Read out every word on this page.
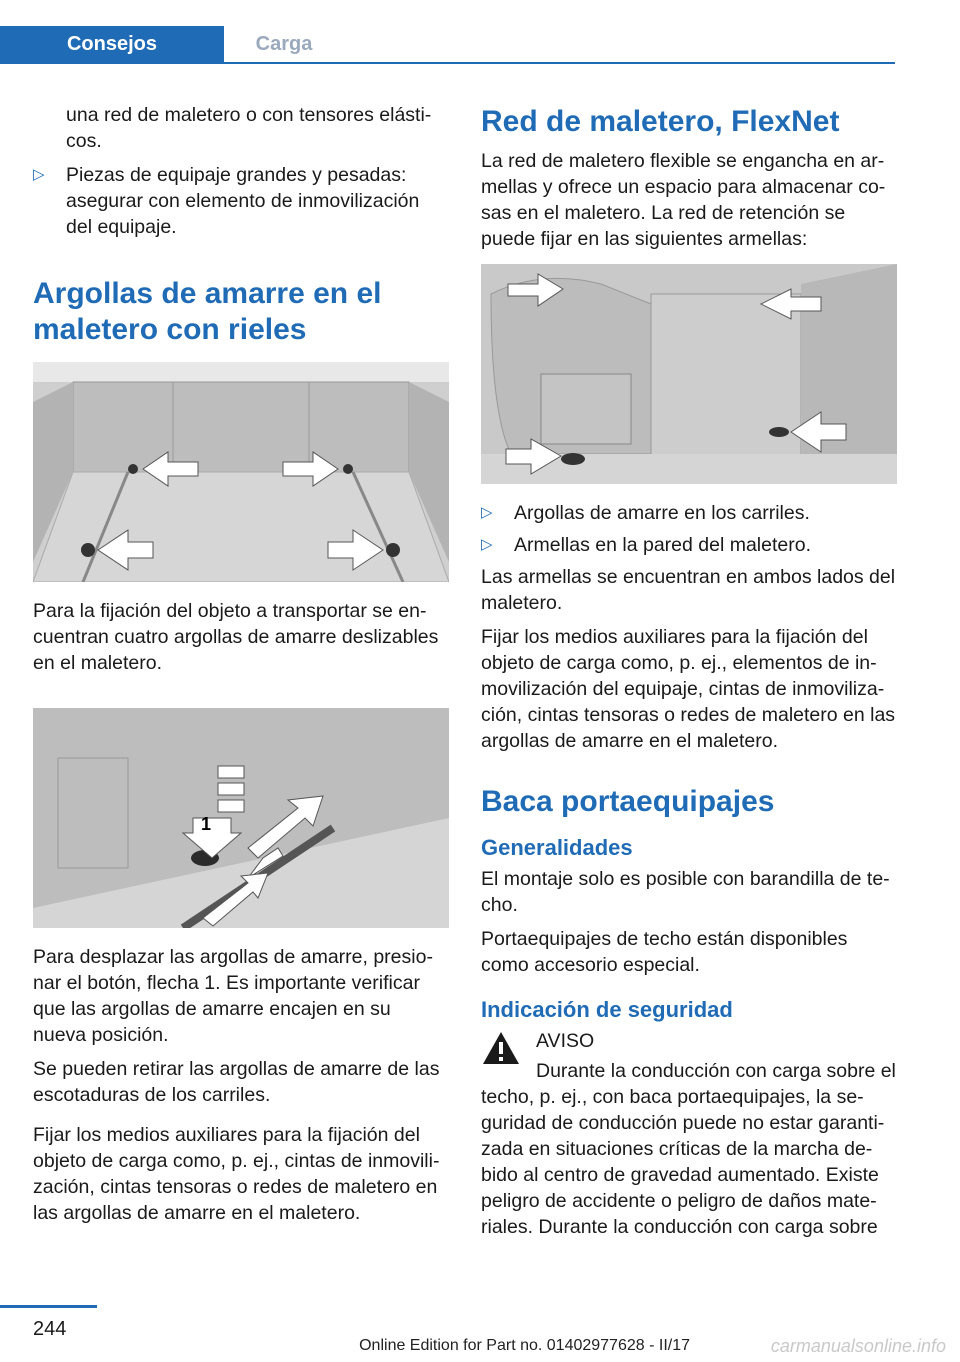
Consejos	Carga

una red de maletero o con tensores elásti-cos.

▷ Piezas de equipaje grandes y pesadas: asegurar con elemento de inmovilización del equipaje.
Argollas de amarre en el maletero con rieles

Para la fijación del objeto a transportar se en-cuentran cuatro argollas de amarre deslizables en el maletero.

1

Para desplazar las argollas de amarre, presio-nar el botón, flecha 1. Es importante verificar que las argollas de amarre encajen en su nueva posición.

Se pueden retirar las argollas de amarre de las escotaduras de los carriles.

Fijar los medios auxiliares para la fijación del objeto de carga como, p. ej., cintas de inmovili-zación, cintas tensoras o redes de maletero en las argollas de amarre en el maletero.

Red de maletero, FlexNet

La red de maletero flexible se engancha en ar-mellas y ofrece un espacio para almacenar co-sas en el maletero. La red de retención se puede fijar en las siguientes armellas:

▷ Argollas de amarre en los carriles.
▷ Armellas en la pared del maletero.

Las armellas se encuentran en ambos lados del maletero.

Fijar los medios auxiliares para la fijación del objeto de carga como, p. ej., elementos de in-movilización del equipaje, cintas de inmoviliza-ción, cintas tensoras o redes de maletero en las argollas de amarre en el maletero.

Baca portaequipajes
Generalidades

El montaje solo es posible con barandilla de te-cho.

Portaequipajes de techo están disponibles como accesorio especial.

Indicación de seguridad
AVISO

Durante la conducción con carga sobre el techo, p. ej., con baca portaequipajes, la se-guridad de conducción puede no estar garanti-zada en situaciones críticas de la marcha de-bido al centro de gravedad aumentado. Existe peligro de accidente o peligro de daños mate-riales. Durante la conducción con carga sobre

244
Online Edition for Part no. 01402977628 - II/17	carmanualsonline.info
